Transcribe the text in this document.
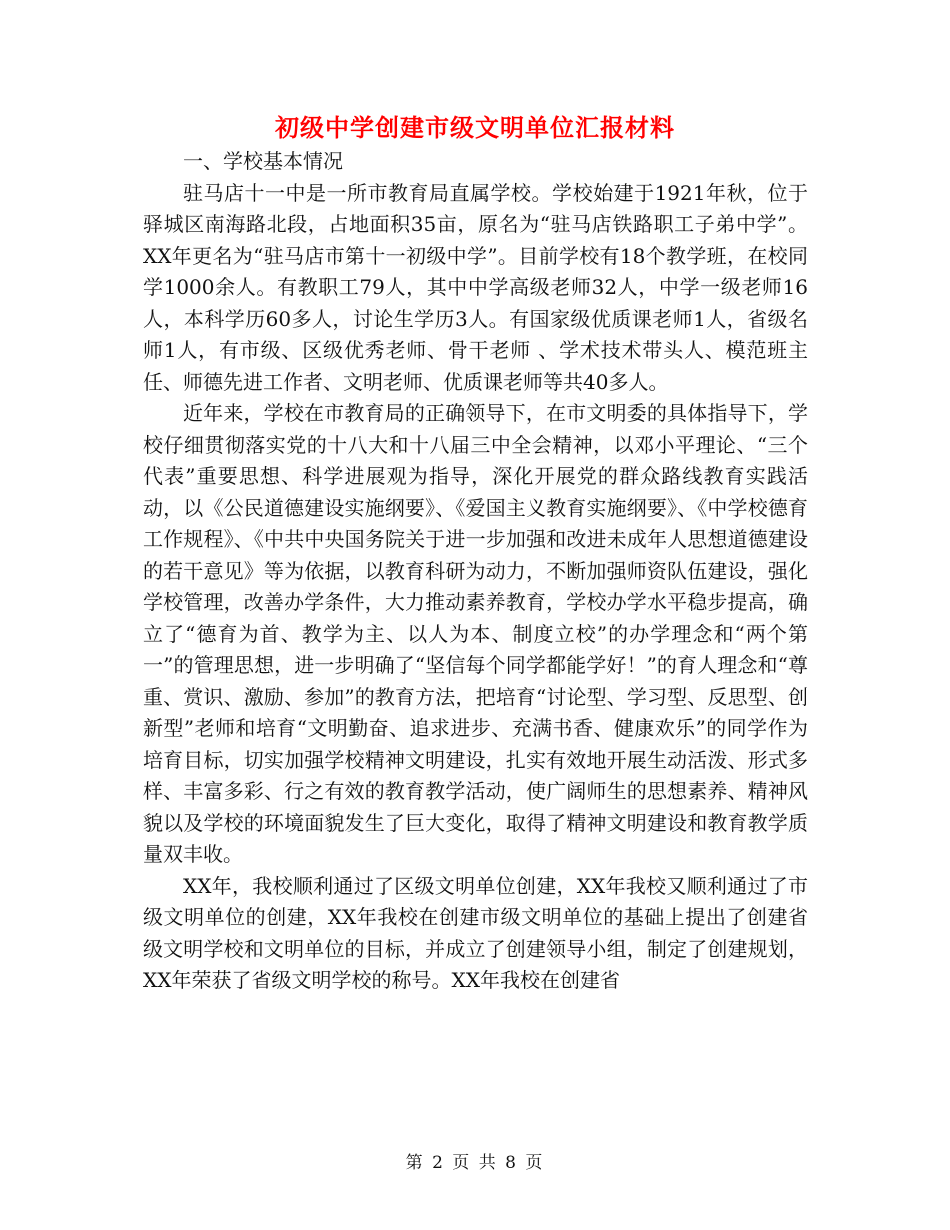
初级中学创建市级文明单位汇报材料

一、学校基本情况

驻马店十一中是一所市教育局直属学校。学校始建于1921年秋，位于驿城区南海路北段，占地面积35亩，原名为“驻马店铁路职工子弟中学”。XX年更名为“驻马店市第十一初级中学”。目前学校有18个教学班，在校同学1000余人。有教职工79人，其中中学高级老师32人，中学一级老师16人，本科学历60多人，讨论生学历3人。有国家级优质课老师1人，省级名师1人，有市级、区级优秀老师、骨干老师 、学术技术带头人、模范班主任、师德先进工作者、文明老师、优质课老师等共40多人。

近年来，学校在市教育局的正确领导下，在市文明委的具体指导下，学校仔细贯彻落实党的十八大和十八届三中全会精神，以邓小平理论、“三个代表”重要思想、科学进展观为指导，深化开展党的群众路线教育实践活动，以《公民道德建设实施纲要》、《爱国主义教育实施纲要》、《中学校德育工作规程》、《中共中央国务院关于进一步加强和改进未成年人思想道德建设的若干意见》等为依据，以教育科研为动力，不断加强师资队伍建设，强化学校管理，改善办学条件，大力推动素养教育，学校办学水平稳步提高，确立了“德育为首、教学为主、以人为本、制度立校”的办学理念和“两个第一”的管理思想，进一步明确了“坚信每个同学都能学好！”的育人理念和“尊重、赏识、激励、参加”的教育方法，把培育“讨论型、学习型、反思型、创新型”老师和培育“文明勤奋、追求进步、充满书香、健康欢乐”的同学作为培育目标，切实加强学校精神文明建设，扎实有效地开展生动活泼、形式多样、丰富多彩、行之有效的教育教学活动，使广阔师生的思想素养、精神风貌以及学校的环境面貌发生了巨大变化，取得了精神文明建设和教育教学质量双丰收。

XX年，我校顺利通过了区级文明单位创建，XX年我校又顺利通过了市级文明单位的创建，XX年我校在创建市级文明单位的基础上提出了创建省级文明学校和文明单位的目标，并成立了创建领导小组，制定了创建规划，XX年荣获了省级文明学校的称号。XX年我校在创建省

第 2 页 共 8 页
